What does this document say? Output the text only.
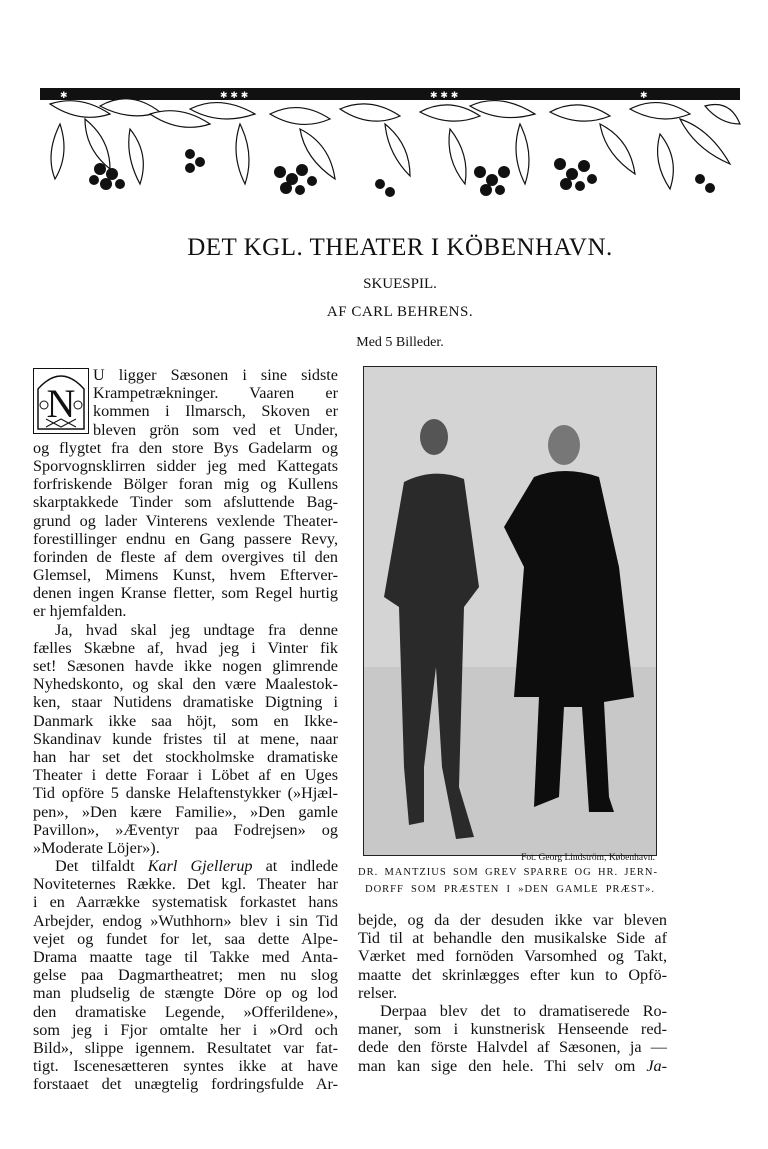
✱	✱ ✱ ✱	✱ ✱ ✱	✱
DET KGL. THEATER I KÖBENHAVN.
SKUESPIL.
AF CARL BEHRENS.
Med 5 Billeder.
N
U ligger Sæsonen i sine sidste
Krampetrækninger. Vaaren er
kommen i Ilmarsch, Skoven er
bleven grön som ved et Under,
og flygtet fra den store Bys Gadelarm og
Sporvognsklirren sidder jeg med Kattegats
forfriskende Bölger foran mig og Kullens
skarptakkede Tinder som afsluttende Bag-
grund og lader Vinterens vexlende Theater-
forestillinger endnu en Gang passere Revy,
forinden de fleste af dem overgives til den
Glemsel, Mimens Kunst, hvem Efterver-
denen ingen Kranse fletter, som Regel hurtig
er hjemfalden.
Ja, hvad skal jeg undtage fra denne
fælles Skæbne af, hvad jeg i Vinter fik
set! Sæsonen havde ikke nogen glimrende
Nyhedskonto, og skal den være Maalestok-
ken, staar Nutidens dramatiske Digtning i
Danmark ikke saa höjt, som en Ikke-
Skandinav kunde fristes til at mene, naar
han har set det stockholmske dramatiske
Theater i dette Foraar i Löbet af en Uges
Tid opföre 5 danske Helaftenstykker (»Hjæl-
pen», »Den kære Familie», »Den gamle
Pavillon», »Æventyr paa Fodrejsen» og
»Moderate Löjer»).
Det tilfaldt Karl Gjellerup at indlede
Noviteternes Række. Det kgl. Theater har
i en Aarrække systematisk forkastet hans
Arbejder, endog »Wuthhorn» blev i sin Tid
vejet og fundet for let, saa dette Alpe-
Drama maatte tage til Takke med Anta-
gelse paa Dagmartheatret; men nu slog
man pludselig de stængte Döre op og lod
den dramatiske Legende, »Offerildene»,
som jeg i Fjor omtalte her i »Ord och
Bild», slippe igennem. Resultatet var fat-
tigt. Iscenesætteren syntes ikke at have
forstaaet det unægtelig fordringsfulde Ar-
Fot. Georg Lindström, København.
DR. MANTZIUS SOM GREV SPARRE OG HR. JERN-
DORFF SOM PRÆSTEN I »DEN GAMLE PRÆST».
bejde, og da der desuden ikke var bleven
Tid til at behandle den musikalske Side af
Værket med fornöden Varsomhed og Takt,
maatte det skrinlægges efter kun to Opfö-
relser.
Derpaa blev det to dramatiserede Ro-
maner, som i kunstnerisk Henseende red-
dede den förste Halvdel af Sæsonen, ja —
man kan sige den hele. Thi selv om Ja-
